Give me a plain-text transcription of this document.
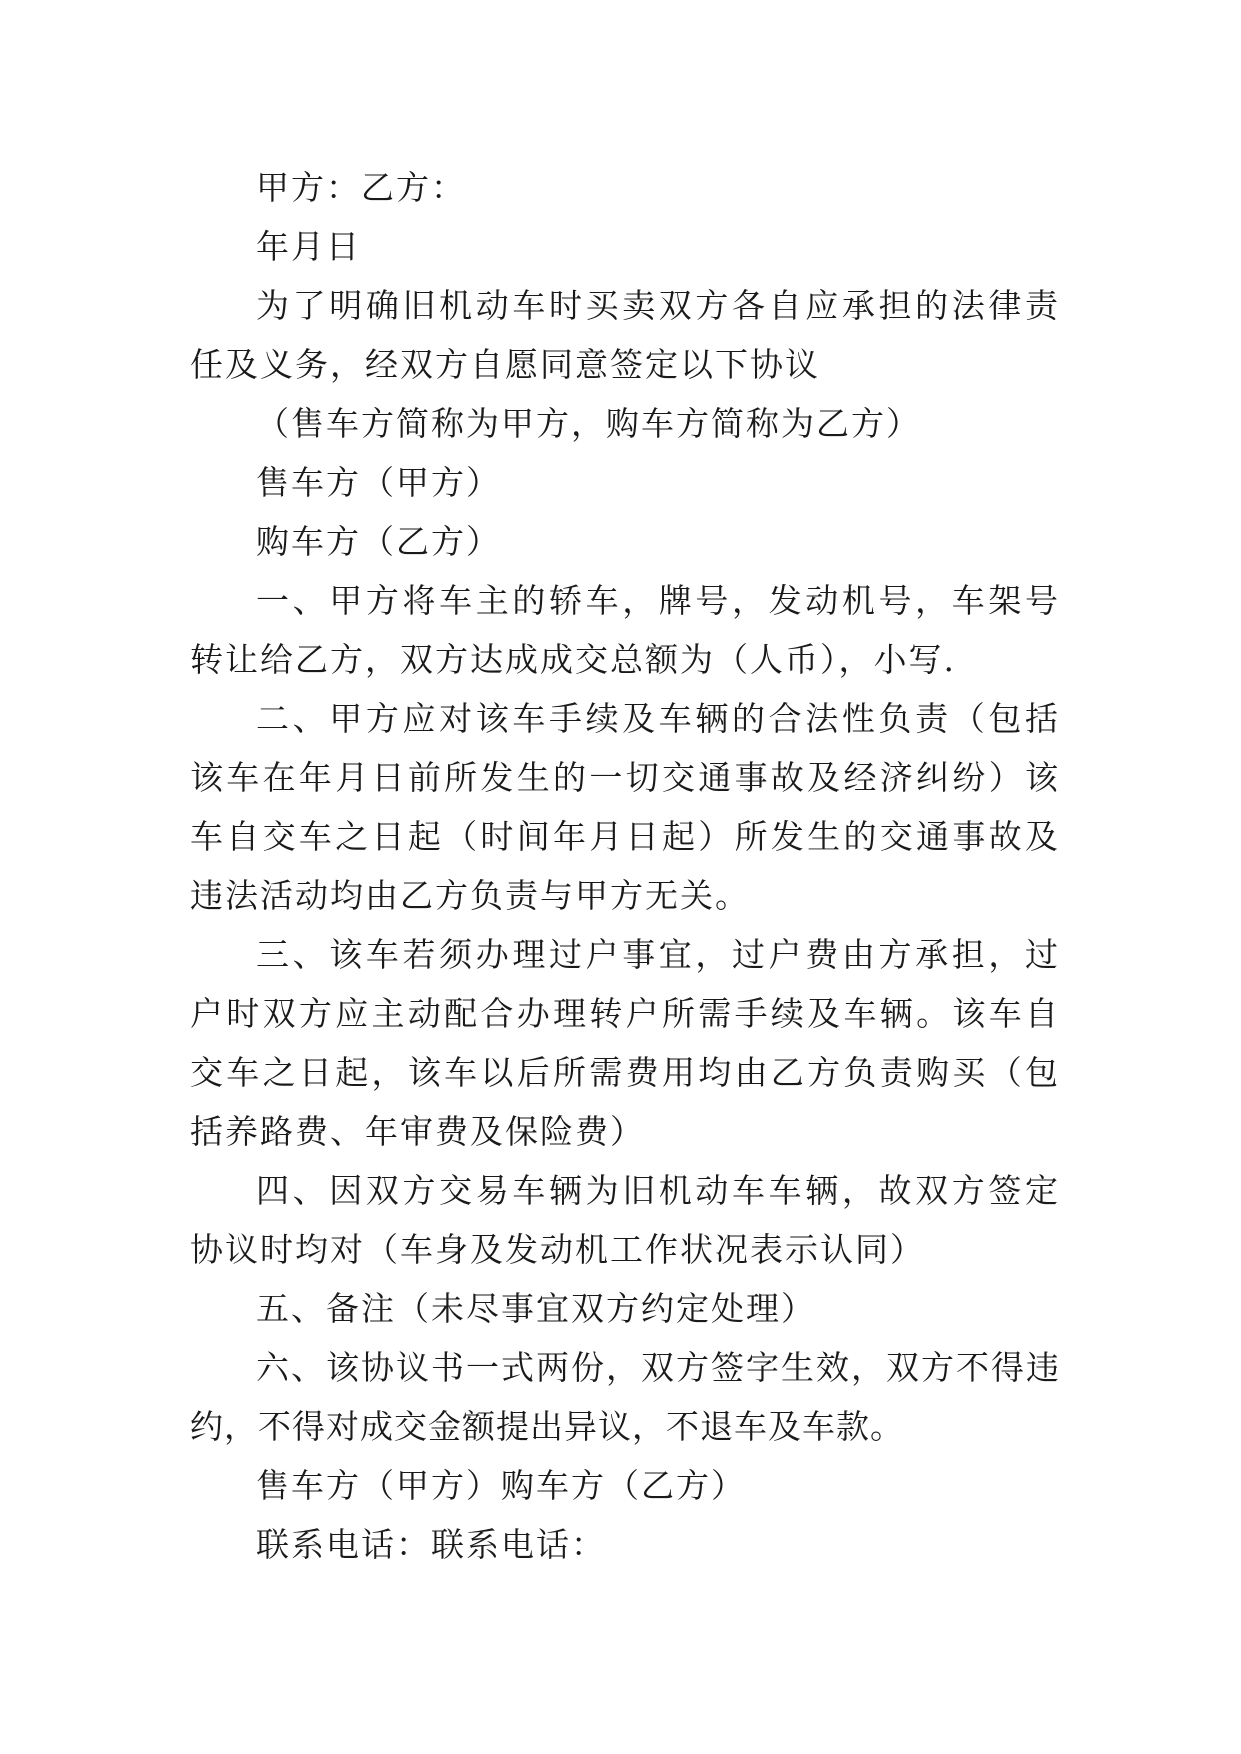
甲方：乙方：

年月日

为了明确旧机动车时买卖双方各自应承担的法律责任及义务，经双方自愿同意签定以下协议

（售车方简称为甲方，购车方简称为乙方）

售车方（甲方）

购车方（乙方）

一、甲方将车主的轿车，牌号，发动机号，车架号转让给乙方，双方达成成交总额为（人币），小写.

二、甲方应对该车手续及车辆的合法性负责（包括该车在年月日前所发生的一切交通事故及经济纠纷）该车自交车之日起（时间年月日起）所发生的交通事故及违法活动均由乙方负责与甲方无关。

三、该车若须办理过户事宜，过户费由方承担，过户时双方应主动配合办理转户所需手续及车辆。该车自交车之日起，该车以后所需费用均由乙方负责购买（包括养路费、年审费及保险费）

四、因双方交易车辆为旧机动车车辆，故双方签定协议时均对（车身及发动机工作状况表示认同）

五、备注（未尽事宜双方约定处理）

六、该协议书一式两份，双方签字生效，双方不得违约，不得对成交金额提出异议，不退车及车款。

售车方（甲方）购车方（乙方）

联系电话：联系电话：
